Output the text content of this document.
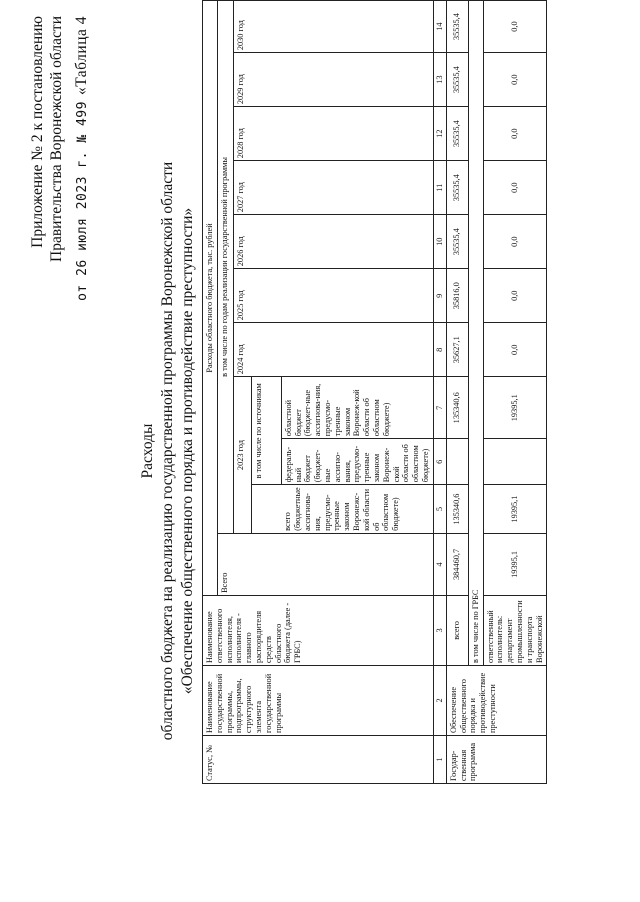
Приложение № 2 к постановлению Правительства Воронежской области от 26 июля 2023 г. № 499«Таблица 4
Расходы областного бюджета на реализацию государственной программы Воронежской области «Обеспечение общественного порядка и противодействие преступности»
Статус, №	Наименование государственной программы, подпрограммы, структурного элемента государственной программы	Наименование ответственного исполнителя, исполнителя - главного распорядителя средств областного бюджета (далее - ГРБС)	Расходы областного бюджета, тыс. рублей										
			Всего	в том числе по годам реализации государственной программы									
				2023 год			2024 год	2025 год	2026 год	2027 год	2028 год	2029 год	2030 год
				всего (бюджетные ассигнова-ния, предусмо-тренные законом Воронежс-кой области об областном бюджете)	в том числе по источникам								
					федераль-ный бюджет (бюджет-ные ассигно-вания, предусмо-тренные законом Воронеж-ской области об областном бюджете)	областной бюджет (бюджет-ные ассигнова-ния, предусмо-тренные законом Воронеж-кой области об областном бюджете)							
1	2	3	4	5	6	7	8	9	10	11	12	13	14
Государ-ственная программа	Обеспечение общественного порядка и противодействие преступности	всего	384460,7	135340,6		135340,6	35627,1	35816,0	35535,4	35535,4	35535,4	35535,4	35535,4
		в том числе по ГРБС											
		ответственный исполнитель: департамент промышленности и транспорта Воронежской	19395,1	19395,1		19395,1	0,0	0,0	0,0	0,0	0,0	0,0	0,0
